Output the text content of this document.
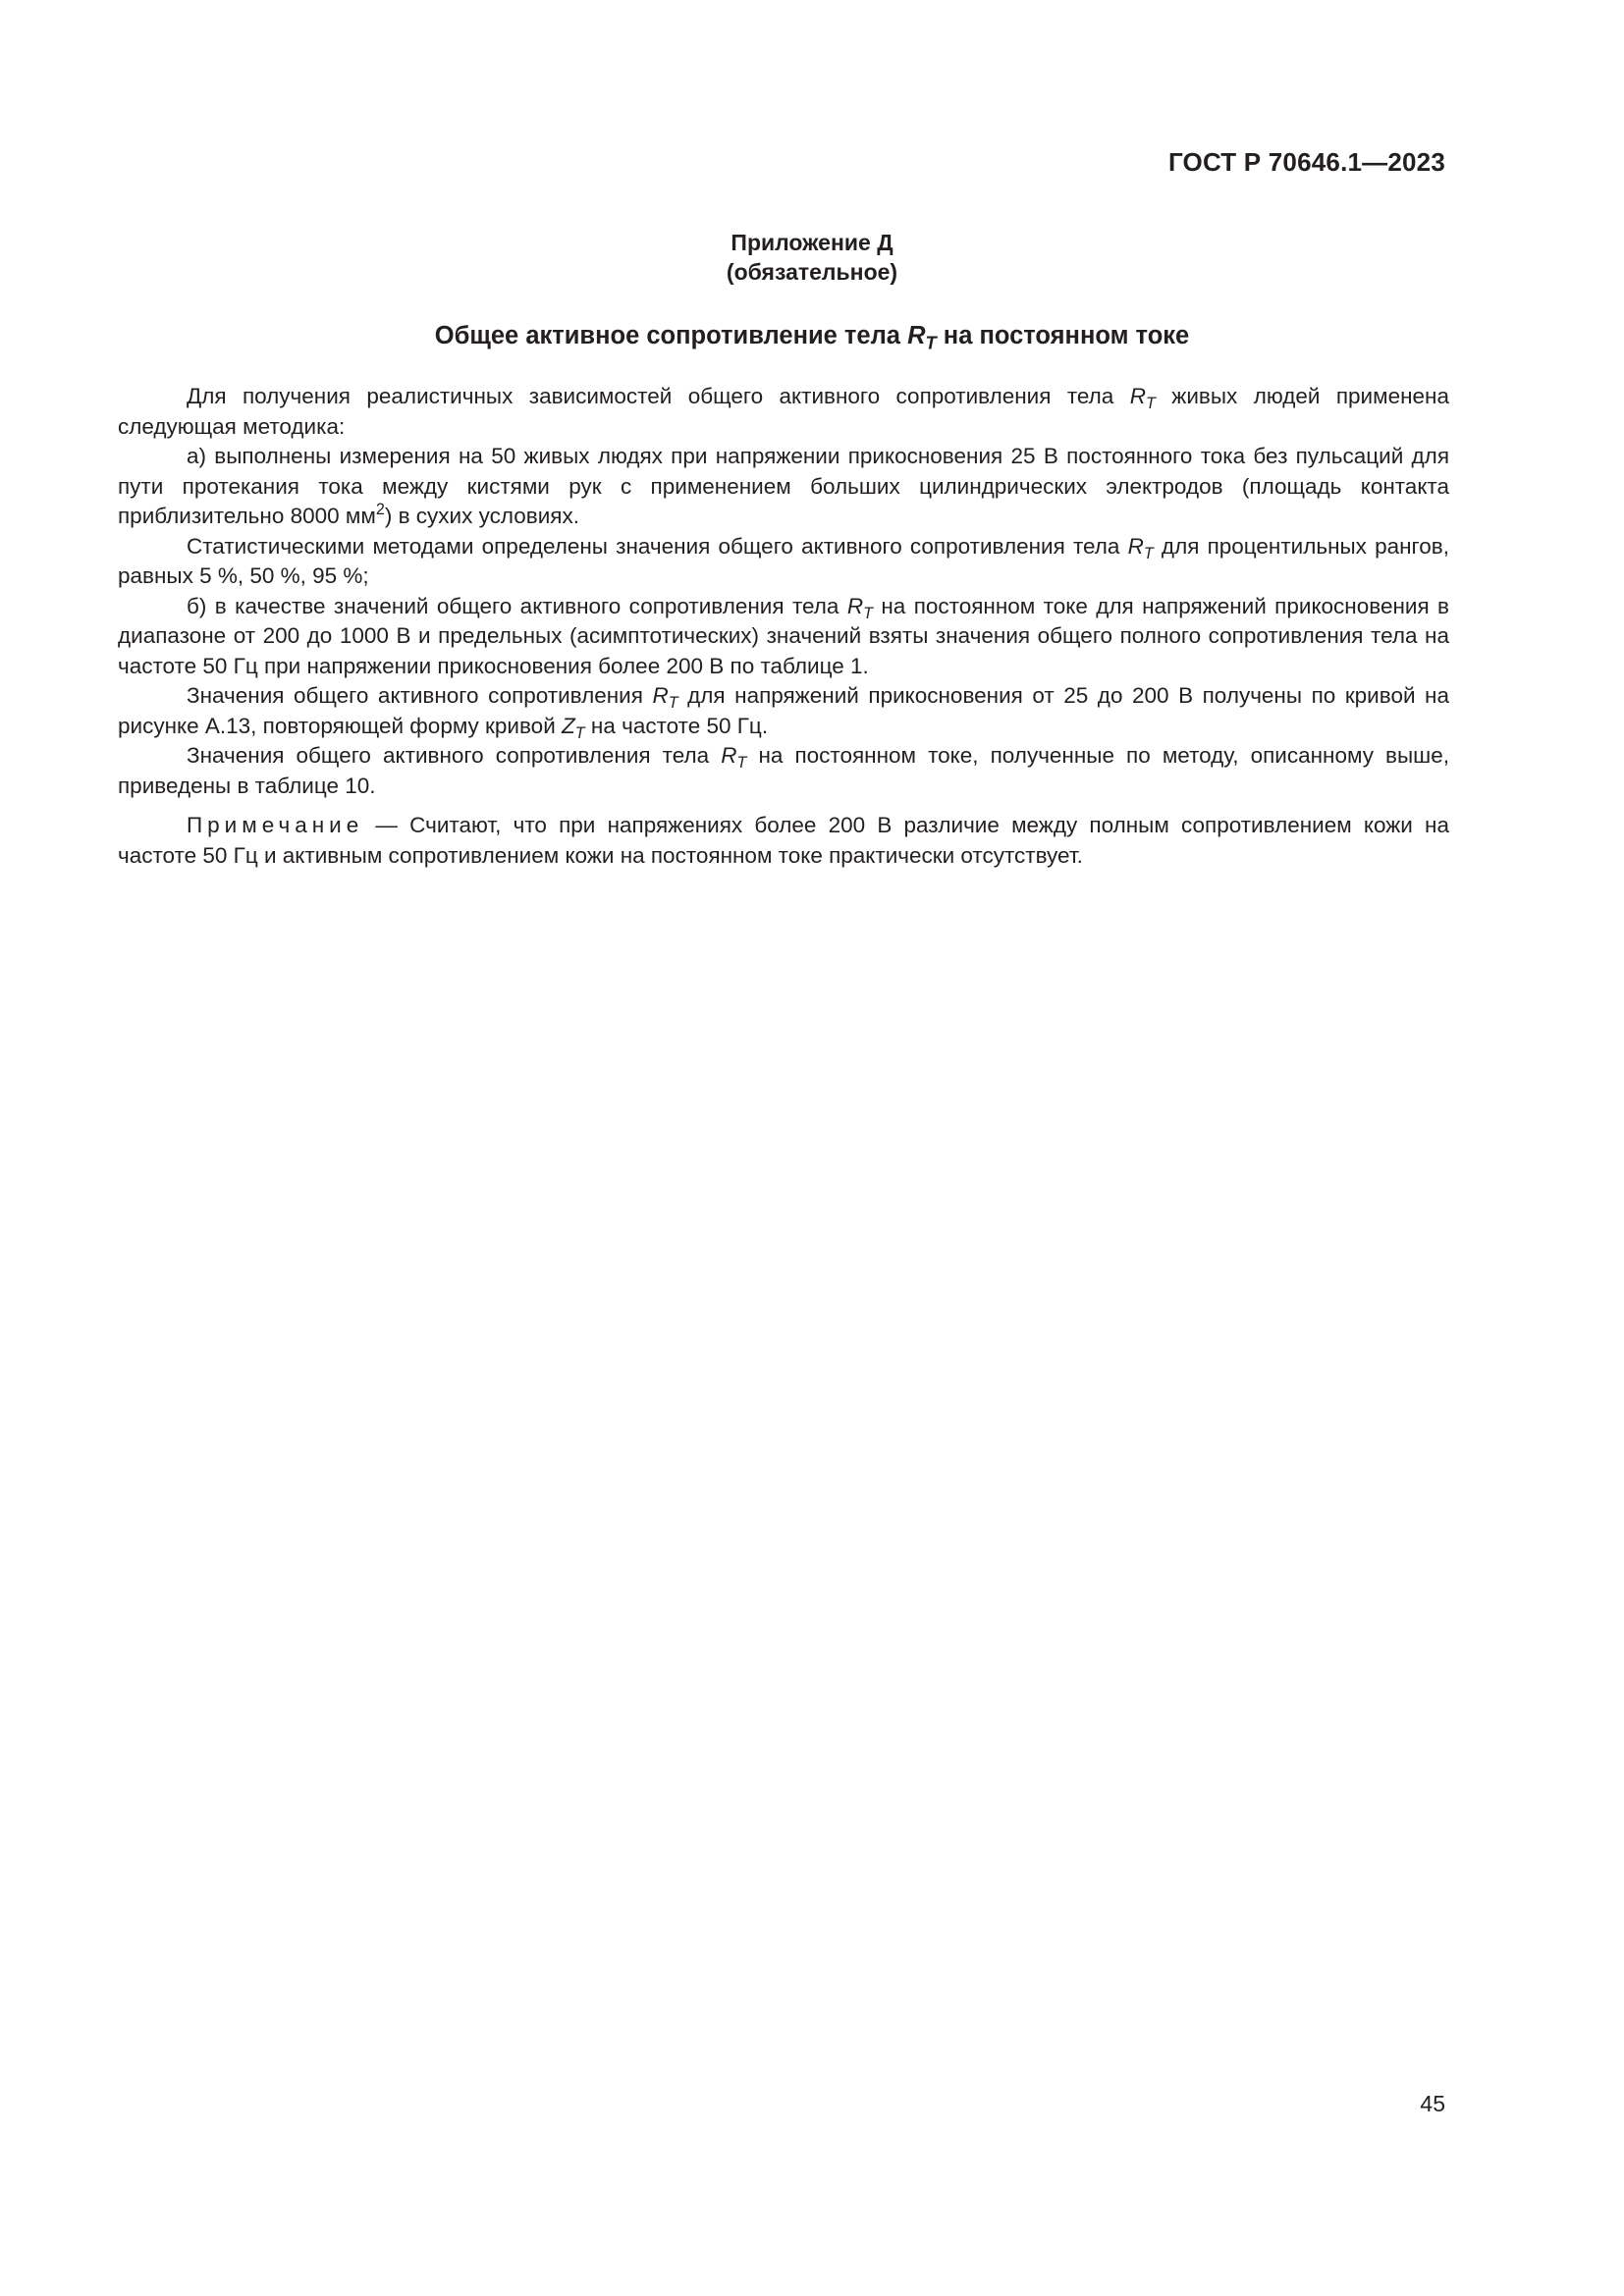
ГОСТ Р 70646.1—2023
Приложение Д
(обязательное)
Общее активное сопротивление тела $R_T$ на постоянном токе

Для получения реалистичных зависимостей общего активного сопротивления тела $R_T$ живых людей применена следующая методика:

а) выполнены измерения на 50 живых людях при напряжении прикосновения 25 В постоянного тока без пульсаций для пути протекания тока между кистями рук с применением больших цилиндрических электродов (площадь контакта приблизительно 8000 $мм^2$) в сухих условиях.

Статистическими методами определены значения общего активного сопротивления тела $R_T$ для процентильных рангов, равных 5 %, 50 %, 95 %;

б) в качестве значений общего активного сопротивления тела $R_T$ на постоянном токе для напряжений прикосновения в диапазоне от 200 до 1000 В и предельных (асимптотических) значений взяты значения общего полного сопротивления тела на частоте 50 Гц при напряжении прикосновения более 200 В по таблице 1.

Значения общего активного сопротивления $R_T$ для напряжений прикосновения от 25 до 200 В получены по кривой на рисунке А.13, повторяющей форму кривой $Z_T$ на частоте 50 Гц.

Значения общего активного сопротивления тела $R_T$ на постоянном токе, полученные по методу, описанному выше, приведены в таблице 10.

Примечание — Считают, что при напряжениях более 200 В различие между полным сопротивлением кожи на частоте 50 Гц и активным сопротивлением кожи на постоянном токе практически отсутствует.

45
